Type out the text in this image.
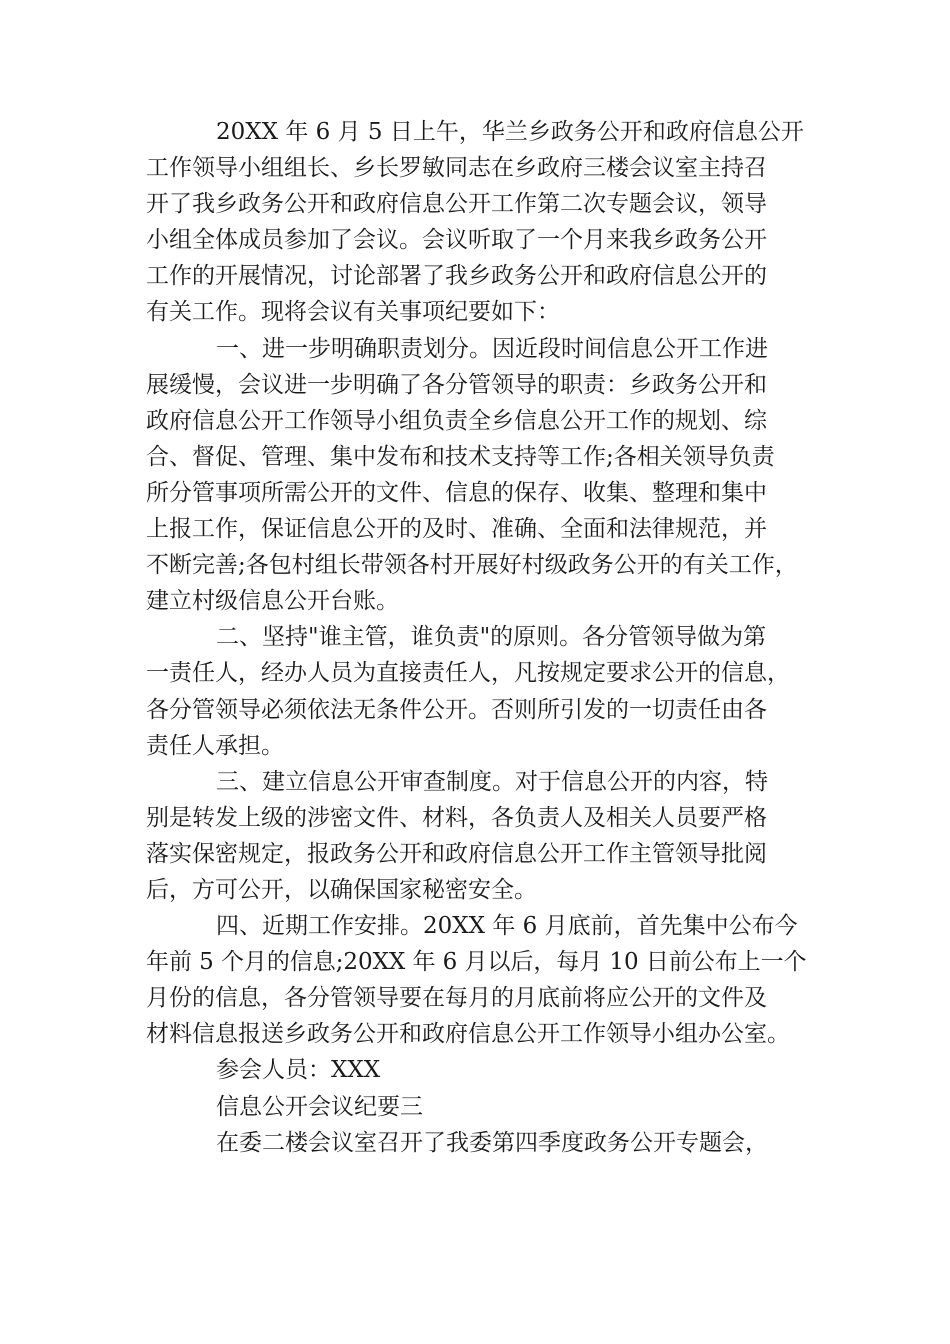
20XX 年 6 月 5 日上午，华兰乡政务公开和政府信息公开
工作领导小组组长、乡长罗敏同志在乡政府三楼会议室主持召
开了我乡政务公开和政府信息公开工作第二次专题会议，领导
小组全体成员参加了会议。会议听取了一个月来我乡政务公开
工作的开展情况，讨论部署了我乡政务公开和政府信息公开的
有关工作。现将会议有关事项纪要如下：
一、进一步明确职责划分。因近段时间信息公开工作进
展缓慢，会议进一步明确了各分管领导的职责：乡政务公开和
政府信息公开工作领导小组负责全乡信息公开工作的规划、综
合、督促、管理、集中发布和技术支持等工作;各相关领导负责
所分管事项所需公开的文件、信息的保存、收集、整理和集中
上报工作，保证信息公开的及时、准确、全面和法律规范，并
不断完善;各包村组长带领各村开展好村级政务公开的有关工作，
建立村级信息公开台账。
二、坚持"谁主管，谁负责"的原则。各分管领导做为第
一责任人，经办人员为直接责任人，凡按规定要求公开的信息，
各分管领导必须依法无条件公开。否则所引发的一切责任由各
责任人承担。
三、建立信息公开审查制度。对于信息公开的内容，特
别是转发上级的涉密文件、材料，各负责人及相关人员要严格
落实保密规定，报政务公开和政府信息公开工作主管领导批阅
后，方可公开，以确保国家秘密安全。
四、近期工作安排。20XX 年 6 月底前，首先集中公布今
年前 5 个月的信息;20XX 年 6 月以后，每月 10 日前公布上一个
月份的信息，各分管领导要在每月的月底前将应公开的文件及
材料信息报送乡政务公开和政府信息公开工作领导小组办公室。
参会人员：XXX
信息公开会议纪要三
在委二楼会议室召开了我委第四季度政务公开专题会，
